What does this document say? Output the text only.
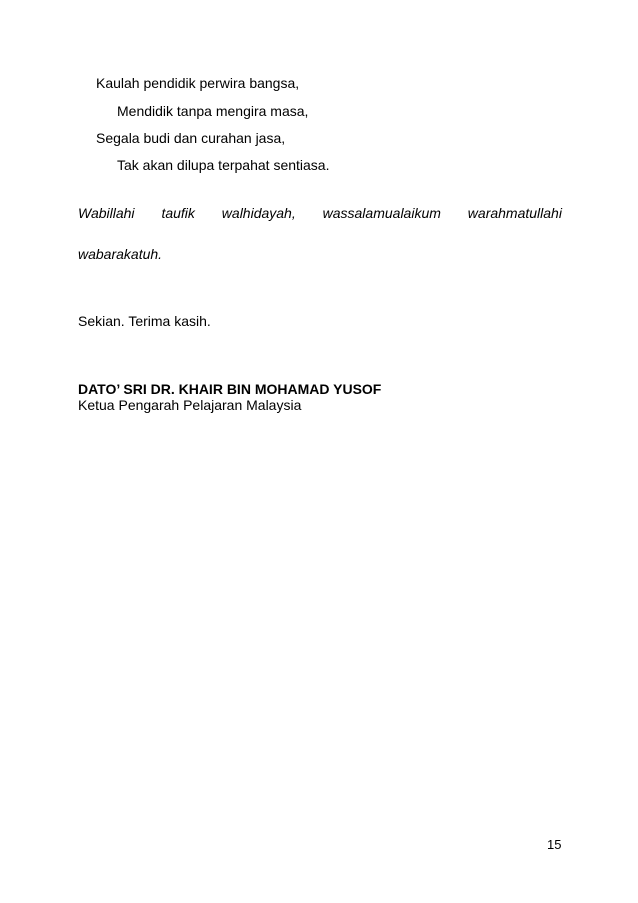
Kaulah pendidik perwira bangsa,
Mendidik tanpa mengira masa,
Segala budi dan curahan jasa,
Tak akan dilupa terpahat sentiasa.
Wabillahi taufik walhidayah, wassalamualaikum warahmatullahi
wabarakatuh.
Sekian. Terima kasih.
DATO’ SRI DR. KHAIR BIN MOHAMAD YUSOF
Ketua Pengarah Pelajaran Malaysia
15
